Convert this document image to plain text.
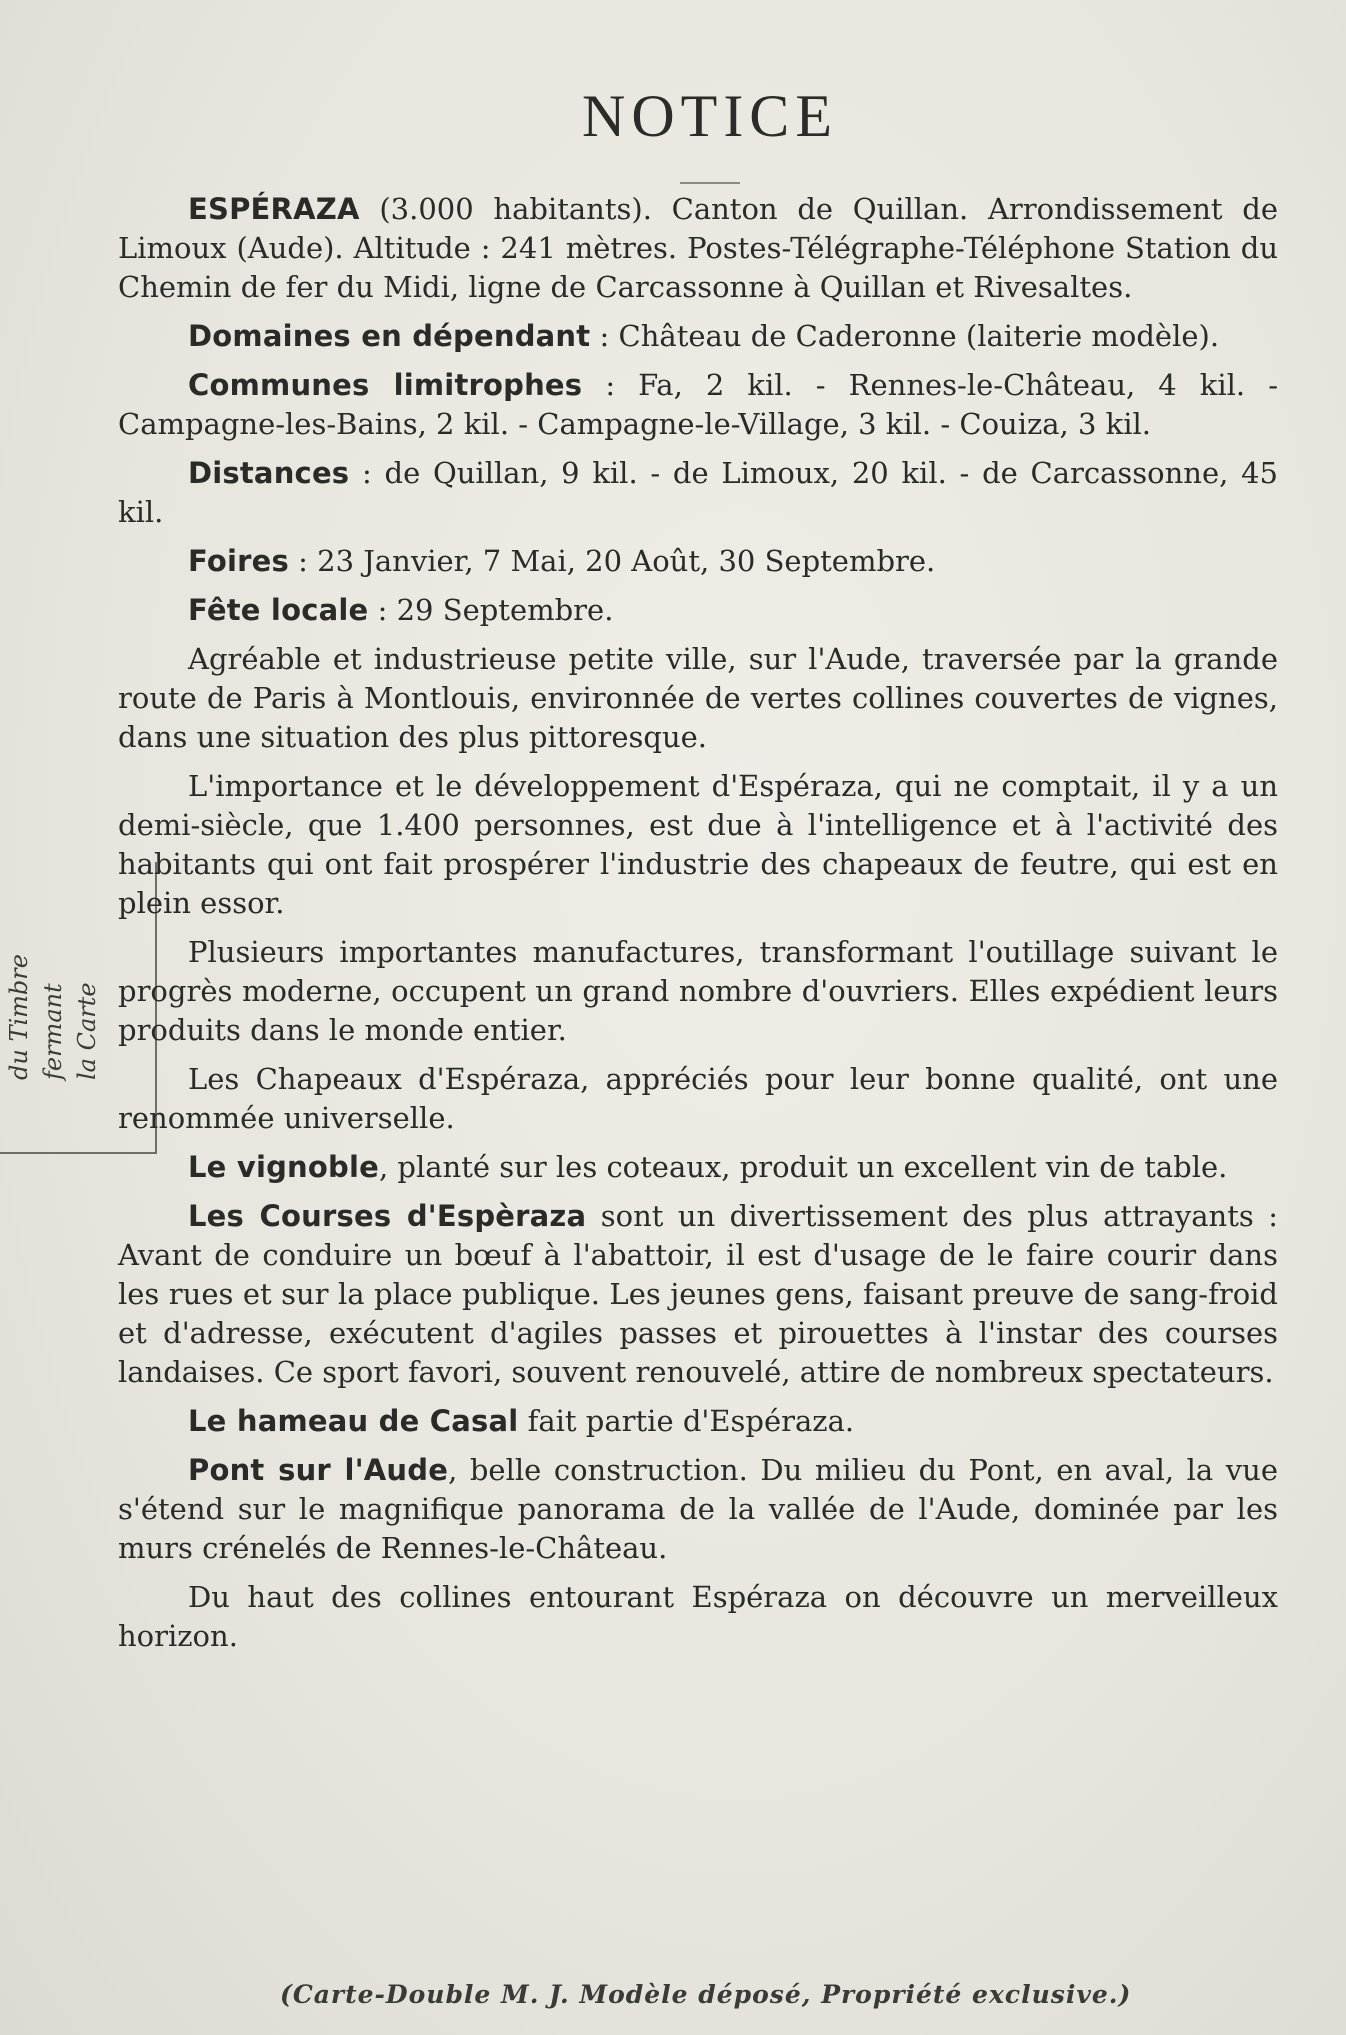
NOTICE
du Timbre fermant la Carte

ESPÉRAZA (3.000 habitants). Canton de Quillan. Arrondissement de Limoux (Aude). Altitude : 241 mètres. Postes-Télégraphe-Téléphone Station du Chemin de fer du Midi, ligne de Carcassonne à Quillan et Rivesaltes.

Domaines en dépendant : Château de Caderonne (laiterie modèle).

Communes limitrophes : Fa, 2 kil. - Rennes-le-Château, 4 kil. - Campagne-les-Bains, 2 kil. - Campagne-le-Village, 3 kil. - Couiza, 3 kil.

Distances : de Quillan, 9 kil. - de Limoux, 20 kil. - de Carcassonne, 45 kil.

Foires : 23 Janvier, 7 Mai, 20 Août, 30 Septembre.

Fête locale : 29 Septembre.

Agréable et industrieuse petite ville, sur l'Aude, traversée par la grande route de Paris à Montlouis, environnée de vertes collines couvertes de vignes, dans une situation des plus pittoresque.

L'importance et le développement d'Espéraza, qui ne comptait, il y a un demi-siècle, que 1.400 personnes, est due à l'intelligence et à l'activité des habitants qui ont fait prospérer l'industrie des chapeaux de feutre, qui est en plein essor.

Plusieurs importantes manufactures, transformant l'outillage suivant le progrès moderne, occupent un grand nombre d'ouvriers. Elles expédient leurs produits dans le monde entier.

Les Chapeaux d'Espéraza, appréciés pour leur bonne qualité, ont une renommée universelle.

Le vignoble, planté sur les coteaux, produit un excellent vin de table.

Les Courses d'Espèraza sont un divertissement des plus attrayants : Avant de conduire un bœuf à l'abattoir, il est d'usage de le faire courir dans les rues et sur la place publique. Les jeunes gens, faisant preuve de sang-froid et d'adresse, exécutent d'agiles passes et pirouettes à l'instar des courses landaises. Ce sport favori, souvent renouvelé, attire de nombreux spectateurs.

Le hameau de Casal fait partie d'Espéraza.

Pont sur l'Aude, belle construction. Du milieu du Pont, en aval, la vue s'étend sur le magnifique panorama de la vallée de l'Aude, dominée par les murs crénelés de Rennes-le-Château.

Du haut des collines entourant Espéraza on découvre un merveilleux horizon.

(Carte-Double M. J. Modèle déposé, Propriété exclusive.)
